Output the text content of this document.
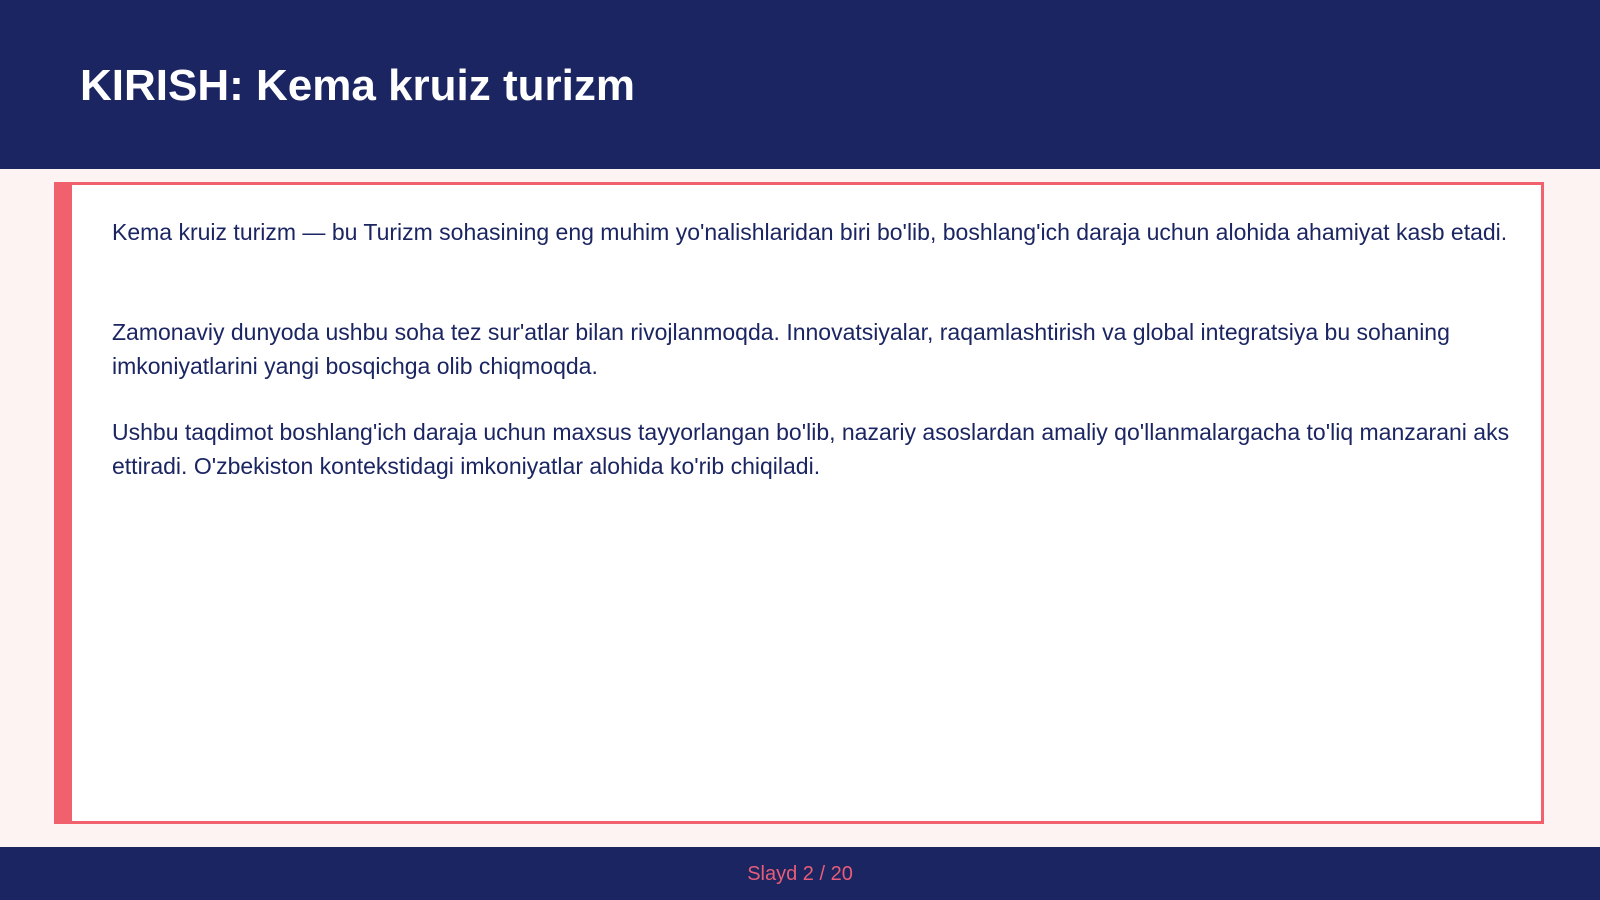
KIRISH: Kema kruiz turizm

Kema kruiz turizm — bu Turizm sohasining eng muhim yo'nalishlaridan biri bo'lib, boshlang'ich daraja uchun alohida ahamiyat kasb etadi.

Zamonaviy dunyoda ushbu soha tez sur'atlar bilan rivojlanmoqda. Innovatsiyalar, raqamlashtirish va global integratsiya bu sohaning imkoniyatlarini yangi bosqichga olib chiqmoqda.

Ushbu taqdimot boshlang'ich daraja uchun maxsus tayyorlangan bo'lib, nazariy asoslardan amaliy qo'llanmalargacha to'liq manzarani aks ettiradi. O'zbekiston kontekstidagi imkoniyatlar alohida ko'rib chiqiladi.

Slayd 2 / 20
